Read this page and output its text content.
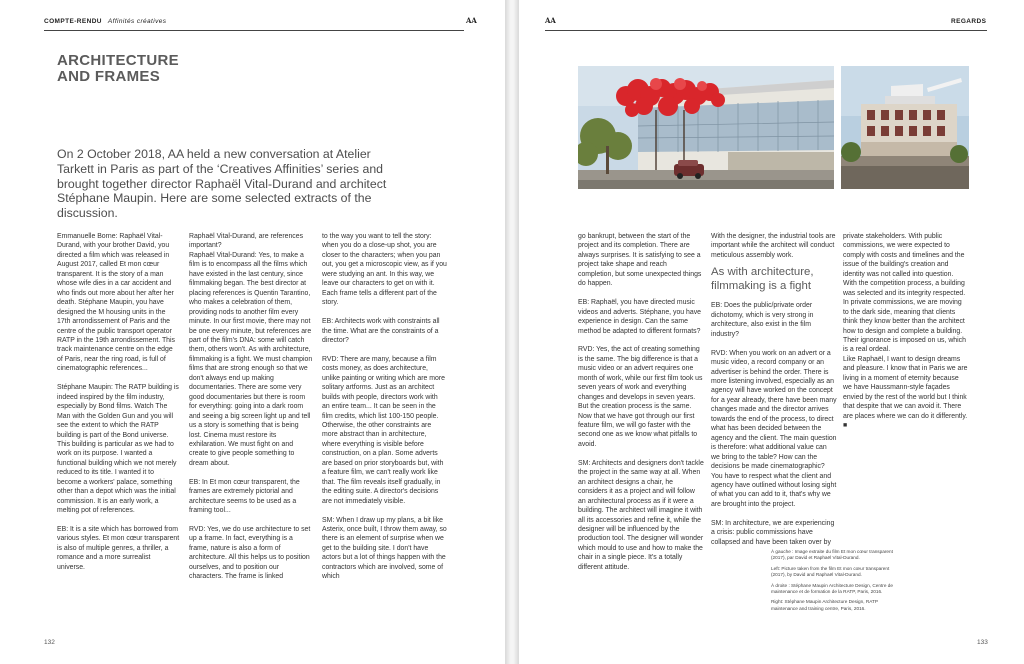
COMPTE-RENDU Affinités créatives	AA
ARCHITECTURE
AND FRAMES
On 2 October 2018, AA held a new conversation at Atelier Tarkett in Paris as part of the ‘Creatives Affinities’ series and brought together director Raphaël Vital-Durand and architect Stéphane Maupin. Here are some selected extracts of the discussion.

Emmanuelle Borne: Raphaël Vital-Durand, with your brother David, you directed a film which was released in August 2017, called Et mon cœur transparent. It is the story of a man whose wife dies in a car accident and who finds out more about her after her death. Stéphane Maupin, you have designed the M housing units in the 17th arrondissement of Paris and the centre of the public transport operator RATP in the 19th arrondissement. This track maintenance centre on the edge of Paris, near the ring road, is full of cinematographic references...

Stéphane Maupin: The RATP building is indeed inspired by the film industry, especially by Bond films. Watch The Man with the Golden Gun and you will see the extent to which the RATP building is part of the Bond universe. This building is particular as we had to work on its purpose. I wanted a functional building which we not merely reduced to its title. I wanted it to become a workers' palace, something other than a depot which was the initial commission. It is an early work, a melting pot of references.

EB: It is a site which has borrowed from various styles. Et mon cœur transparent is also of multiple genres, a thriller, a romance and a more surrealist universe.

Raphaël Vital-Durand, are references important?

Raphaël Vital-Durand: Yes, to make a film is to encompass all the films which have existed in the last century, since filmmaking began. The best director at placing references is Quentin Tarantino, who makes a celebration of them, providing nods to another film every minute. In our first movie, there may not be one every minute, but references are part of the film's DNA: some will catch them, others won't. As with architecture, filmmaking is a fight. We must champion films that are strong enough so that we don't always end up making documentaries. There are some very good documentaries but there is room for everything: going into a dark room and seeing a big screen light up and tell us a story is something that is being lost. Cinema must restore its exhilaration. We must fight on and create to give people something to dream about.

EB: In Et mon cœur transparent, the frames are extremely pictorial and architecture seems to be used as a framing tool...

RVD: Yes, we do use architecture to set up a frame. In fact, everything is a frame, nature is also a form of architecture. All this helps us to position ourselves, and to position our characters. The frame is linked

to the way you want to tell the story: when you do a close-up shot, you are closer to the characters; when you pan out, you get a microscopic view, as if you were studying an ant. In this way, we leave our characters to get on with it. Each frame tells a different part of the story.

EB: Architects work with constraints all the time. What are the constraints of a director?

RVD: There are many, because a film costs money, as does architecture, unlike painting or writing which are more solitary artforms. Just as an architect builds with people, directors work with an entire team... It can be seen in the film credits, which list 100-150 people. Otherwise, the other constraints are more abstract than in architecture, where everything is visible before construction, on a plan. Some adverts are based on prior storyboards but, with a feature film, we can't really work like that. The film reveals itself gradually, in the editing suite. A director's decisions are not immediately visible.

SM: When I draw up my plans, a bit like Asterix, once built, I throw them away, so there is an element of surprise when we get to the building site. I don't have actors but a lot of things happen with the contractors which are involved, some of which

132
AA	REGARDS

go bankrupt, between the start of the project and its completion. There are always surprises. It is satisfying to see a project take shape and reach completion, but some unexpected things do happen.

EB: Raphaël, you have directed music videos and adverts. Stéphane, you have experience in design. Can the same method be adapted to different formats?

RVD: Yes, the act of creating something is the same. The big difference is that a music video or an advert requires one month of work, while our first film took us seven years of work and everything changes and develops in seven years. But the creation process is the same. Now that we have got through our first feature film, we will go faster with the second one as we know what pitfalls to avoid.

SM: Architects and designers don't tackle the project in the same way at all. When an architect designs a chair, he considers it as a project and will follow an architectural process as if it were a building. The architect will imagine it with all its accessories and refine it, while the designer will be influenced by the production tool. The designer will wonder which mould to use and how to make the chair in a single piece. It's a totally different attitude.

With the designer, the industrial tools are important while the architect will conduct meticulous assembly work.

As with architecture, filmmaking is a fight

EB: Does the public/private order dichotomy, which is very strong in architecture, also exist in the film industry?

RVD: When you work on an advert or a music video, a record company or an advertiser is behind the order. There is more listening involved, especially as an agency will have worked on the concept for a year already, there have been many changes made and the director arrives towards the end of the process, to direct what has been decided between the agency and the client. The main question is therefore: what additional value can we bring to the table? How can the decisions be made cinematographic? You have to respect what the client and agency have outlined without losing sight of what you can add to it, that's why we are brought into the project.

SM: In architecture, we are experiencing a crisis: public commissions have collapsed and have been taken over by

private stakeholders. With public commissions, we were expected to comply with costs and timelines and the issue of the building's creation and identity was not called into question. With the competition process, a building was selected and its integrity respected. In private commissions, we are moving to the dark side, meaning that clients think they know better than the architect how to design and complete a building. Their ignorance is imposed on us, which is a real ordeal.

Like Raphaël, I want to design dreams and pleasure. I know that in Paris we are living in a moment of eternity because we have Haussmann-style façades envied by the rest of the world but I think that despite that we can avoid it. There are places where we can do it differently. ■

133

À gauche : Image extraite du film Et mon cœur transparent (2017), par David et Raphaël Vital-Durand.

Left: Picture taken from the film Et mon cœur transparent (2017), by David and Raphaël Vital-Durand.

À droite : Stéphane Maupin Architecture Design, Centre de maintenance et de formation de la RATP, Paris, 2016.

Right: Stéphane Maupin Architecture Design, RATP maintenance and training centre, Paris, 2016.
